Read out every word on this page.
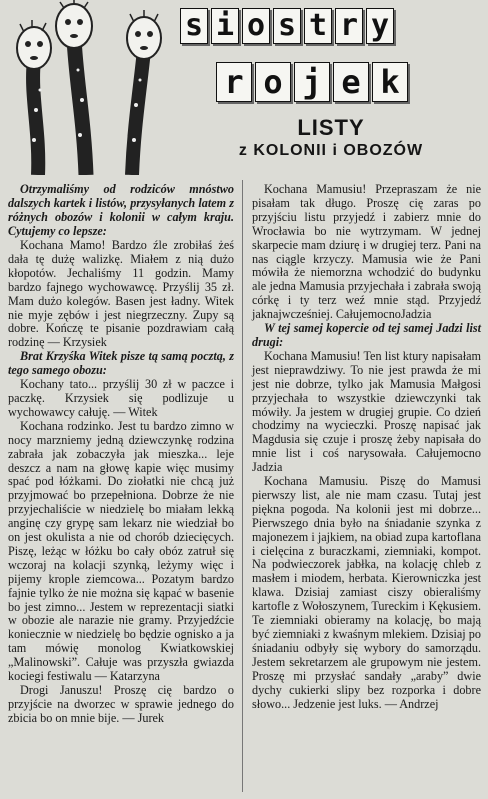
s i o s t r y
r o j e k
LISTY
z KOLONII i OBOZÓW
Otrzymaliśmy od rodziców mnóstwo dalszych kartek i listów, przysyłanych latem z różnych obozów i kolonii w całym kraju. Cytujemy co lepsze:

Kochana Mamo! Bardzo źle zrobiłaś żeś dała tę dużę walizkę. Miałem z nią dużo kłopotów. Jechaliśmy 11 godzin. Mamy bardzo fajnego wychowawcę. Przyślij 35 zł. Mam dużo kolegów. Basen jest ładny. Witek nie myje zębów i jest niegrzeczny. Zupy są dobre. Kończę te pisanie pozdrawiam całą rodzinę — Krzysiek

Brat Krzyśka Witek pisze tą samą pocztą, z tego samego obozu:

Kochany tato... przyślij 30 zł w paczce i paczkę. Krzysiek się podlizuje u wychowawcy całuję. — Witek

Kochana rodzinko. Jest tu bardzo zimno w nocy marzniemy jedną dziewczynkę rodzina zabrała jak zobaczyła jak mieszka... leje deszcz a nam na głowę kapie więc musimy spać pod łóżkami. Do ziołatki nie chcą już przyjmować bo przepełniona. Dobrze że nie przyjechaliście w niedzielę bo miałam lekką anginę czy grypę sam lekarz nie wiedział bo on jest okulista a nie od chorób dziecięcych. Piszę, leżąc w łóżku bo cały obóz zatruł się wczoraj na kolacji szynką, leżymy więc i pijemy krople ziemcowa... Pozatym bardzo fajnie tylko że nie można się kąpać w basenie bo jest zimno... Jestem w reprezentacji siatki w obozie ale narazie nie gramy. Przyjedźcie koniecznie w niedzielę bo będzie ognisko a ja tam mówię monolog Kwiatkowskiej „Malinowski”. Całuje was przyszła gwiazda kociegi festiwalu — Katarzyna

Drogi Januszu! Proszę cię bardzo o przyjście na dworzec w sprawie jednego do zbicia bo on mnie bije. — Jurek

Kochana Mamusiu! Przepraszam że nie pisałam tak długo. Proszę cię zaras po przyjściu listu przyjedź i zabierz mnie do Wrocławia bo nie wytrzymam. W jednej skarpecie mam dziurę i w drugiej terz. Pani na nas ciągle krzyczy. Mamusia wie że Pani mówiła że niemorzna wchodzić do budynku ale jedna Mamusia przyjechała i zabrała swoją córkę i ty terz weź mnie stąd. Przyjedź jaknajwcześniej. CałujemocnoJadzia

W tej samej kopercie od tej samej Jadzi list drugi:

Kochana Mamusiu! Ten list ktury napisałam jest nieprawdziwy. To nie jest prawda że mi jest nie dobrze, tylko jak Mamusia Małgosi przyjechała to wszystkie dziewczynki tak mówiły. Ja jestem w drugiej grupie. Co dzień chodzimy na wycieczki. Proszę napisać jak Magdusia się czuje i proszę żeby napisała do mnie list i coś narysowała. Całujemocno Jadzia

Kochana Mamusiu. Piszę do Mamusi pierwszy list, ale nie mam czasu. Tutaj jest piękna pogoda. Na kolonii jest mi dobrze... Pierwszego dnia było na śniadanie szynka z majonezem i jajkiem, na obiad zupa kartoflana i cielęcina z buraczkami, ziemniaki, kompot. Na podwieczorek jabłka, na kolację chleb z masłem i miodem, herbata. Kierowniczka jest klawa. Dzisiaj zamiast ciszy obieraliśmy kartofle z Wołoszynem, Tureckim i Kękusiem. Te ziemniaki obieramy na kolację, bo mają być ziemniaki z kwaśnym mlekiem. Dzisiaj po śniadaniu odbyły się wybory do samorządu. Jestem sekretarzem ale grupowym nie jestem. Proszę mi przysłać sandały „araby” dwie dychy cukierki slipy bez rozporka i dobre słowo... Jedzenie jest luks. — Andrzej
